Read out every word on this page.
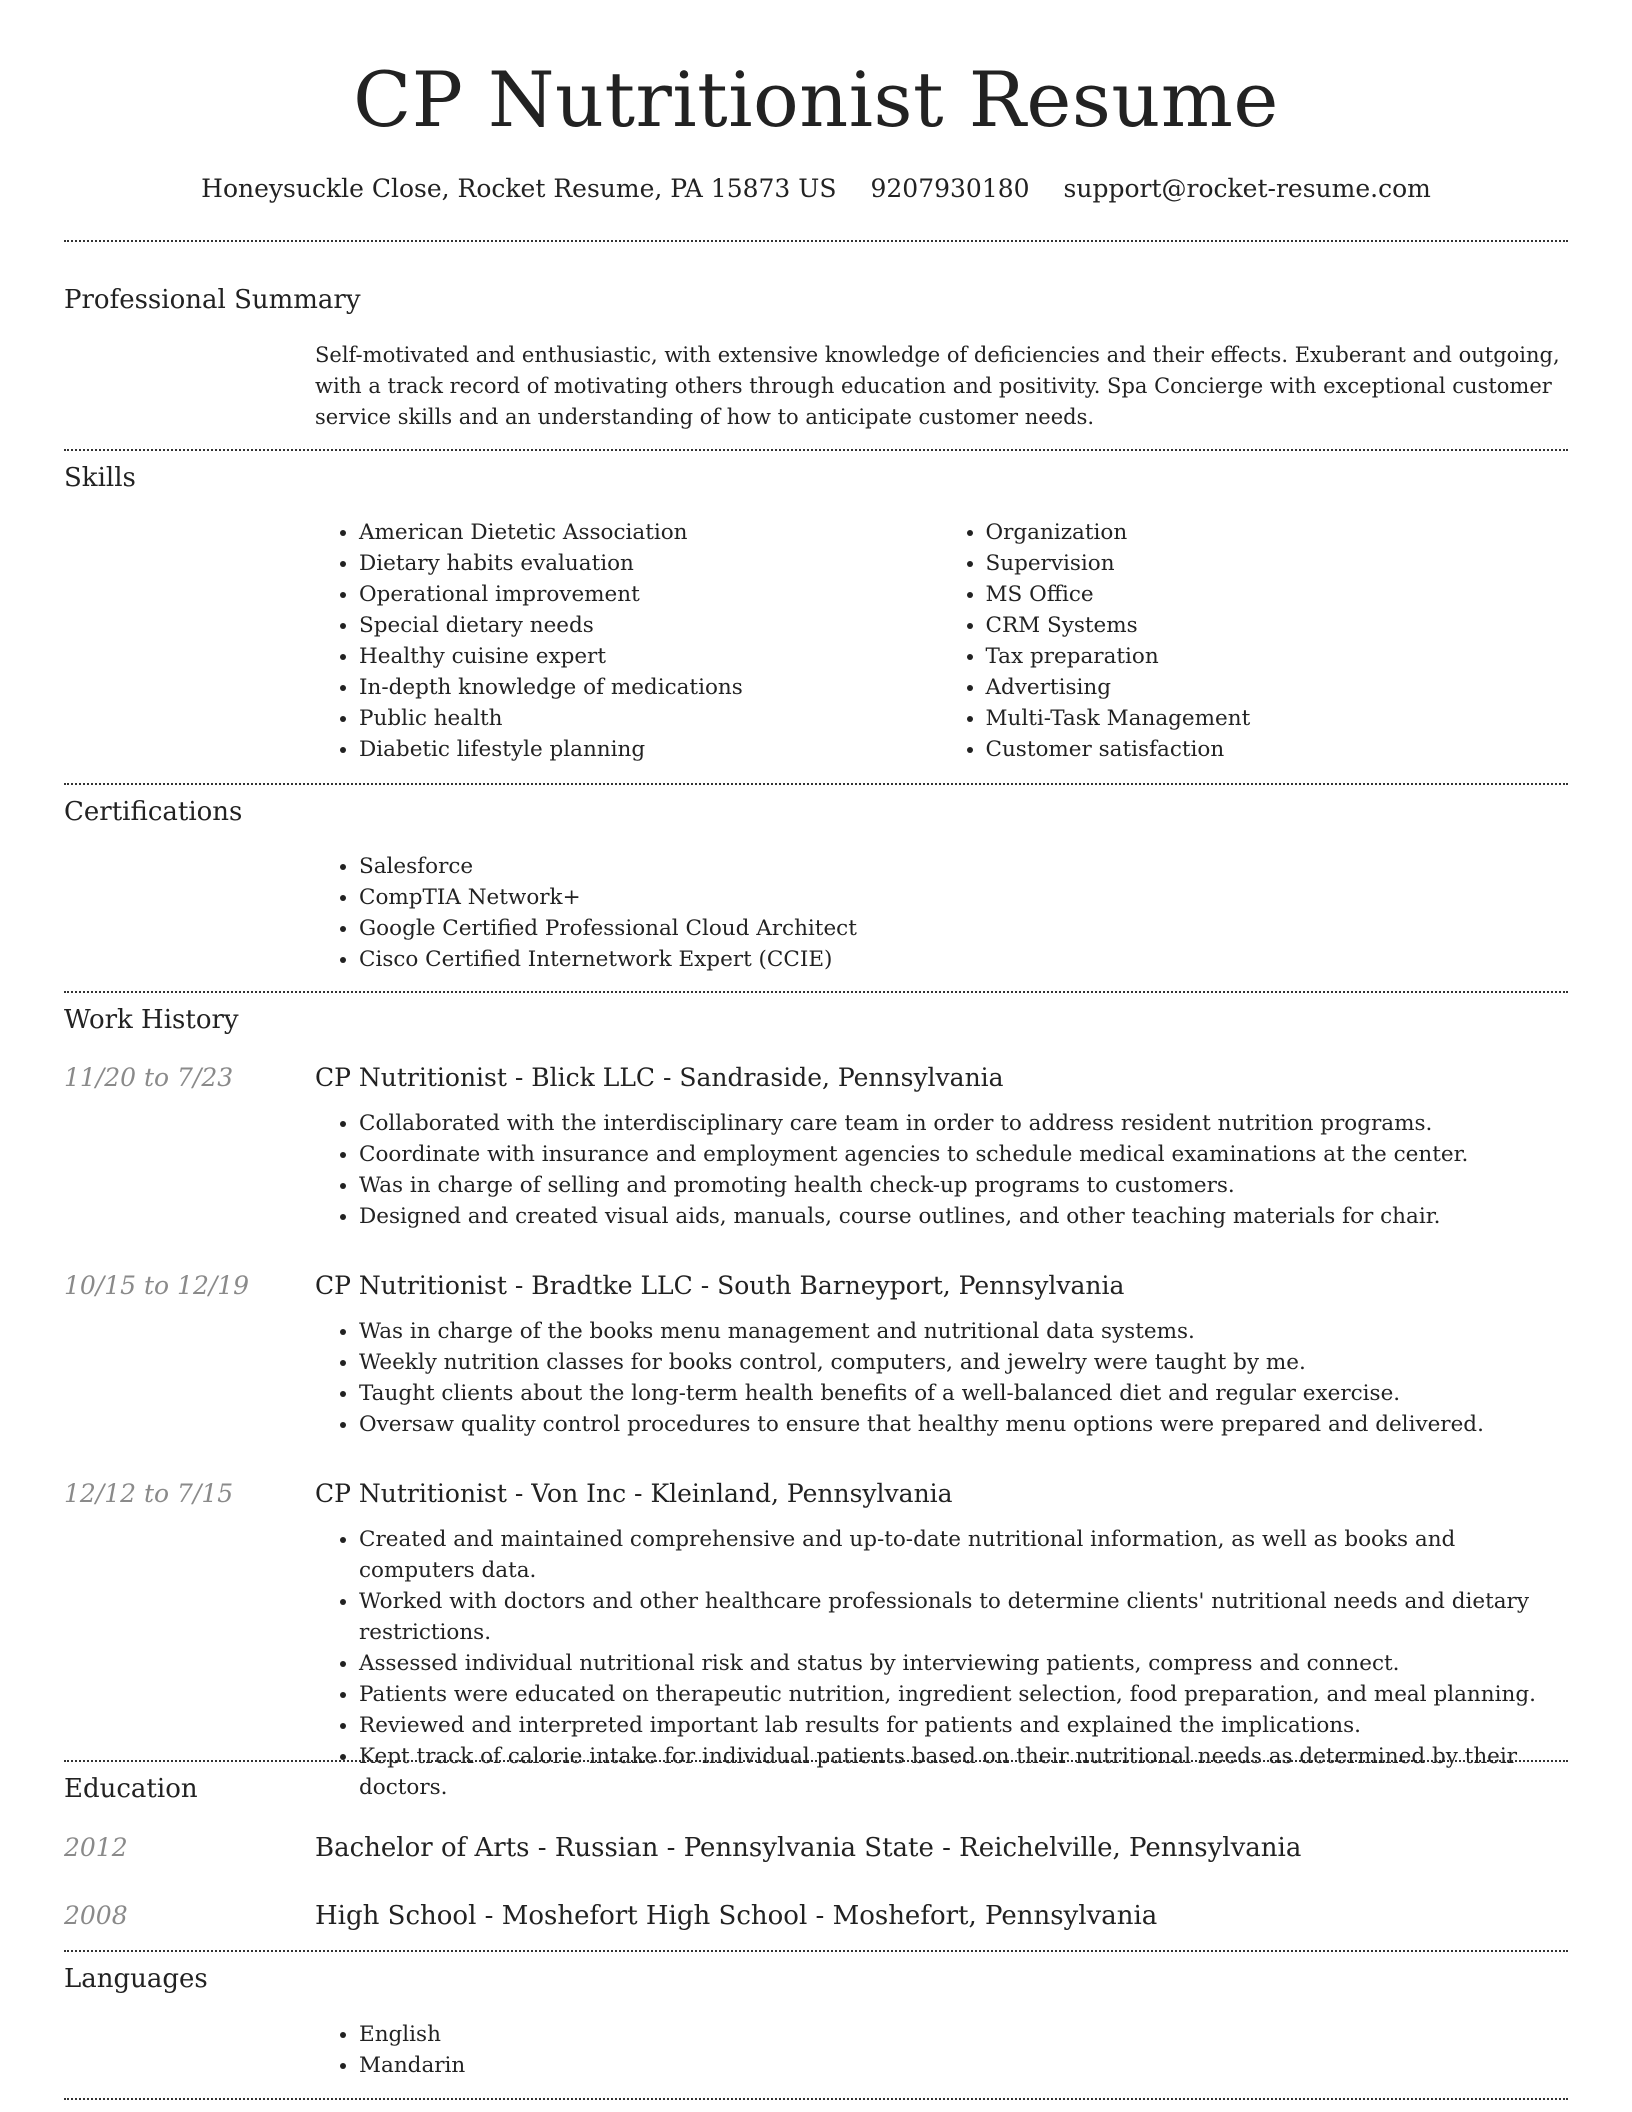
CP Nutritionist Resume
Honeysuckle Close, Rocket Resume, PA 15873 US 9207930180 support@rocket-resume.com
Professional Summary

Self-motivated and enthusiastic, with extensive knowledge of deficiencies and their effects. Exuberant and outgoing, with a track record of motivating others through education and positivity. Spa Concierge with exceptional customer service skills and an understanding of how to anticipate customer needs.

Skills
• American Dietetic Association
• Dietary habits evaluation
• Operational improvement
• Special dietary needs
• Healthy cuisine expert
• In-depth knowledge of medications
• Public health
• Diabetic lifestyle planning
• Organization
• Supervision
• MS Office
• CRM Systems
• Tax preparation
• Advertising
• Multi-Task Management
• Customer satisfaction
Certifications
• Salesforce
• CompTIA Network+
• Google Certified Professional Cloud Architect
• Cisco Certified Internetwork Expert (CCIE)
Work History
11/20 to 7/23	CP Nutritionist - Blick LLC - Sandraside, Pennsylvania

• Collaborated with the interdisciplinary care team in order to address resident nutrition programs.
• Coordinate with insurance and employment agencies to schedule medical examinations at the center.
• Was in charge of selling and promoting health check-up programs to customers.
• Designed and created visual aids, manuals, course outlines, and other teaching materials for chair.
10/15 to 12/19	CP Nutritionist - Bradtke LLC - South Barneyport, Pennsylvania

• Was in charge of the books menu management and nutritional data systems.
• Weekly nutrition classes for books control, computers, and jewelry were taught by me.
• Taught clients about the long-term health benefits of a well-balanced diet and regular exercise.
• Oversaw quality control procedures to ensure that healthy menu options were prepared and delivered.
12/12 to 7/15	CP Nutritionist - Von Inc - Kleinland, Pennsylvania

• Created and maintained comprehensive and up-to-date nutritional information, as well as books and computers data.
• Worked with doctors and other healthcare professionals to determine clients' nutritional needs and dietary restrictions.
• Assessed individual nutritional risk and status by interviewing patients, compress and connect.
• Patients were educated on therapeutic nutrition, ingredient selection, food preparation, and meal planning.
• Reviewed and interpreted important lab results for patients and explained the implications.
• Kept track of calorie intake for individual patients based on their nutritional needs as determined by their doctors.
Education
2012	Bachelor of Arts - Russian - Pennsylvania State - Reichelville, Pennsylvania

2008	High School - Moshefort High School - Moshefort, Pennsylvania

Languages
• English
• Mandarin
